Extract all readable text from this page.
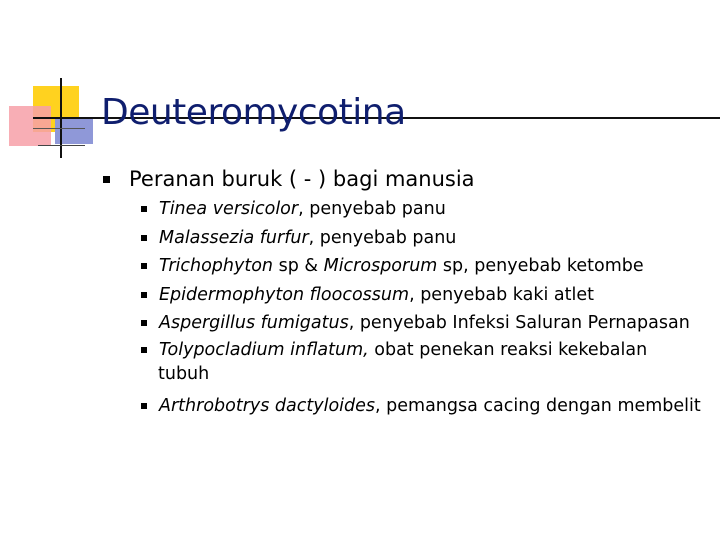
Deuteromycotina
Peranan buruk ( - ) bagi manusia
Tinea versicolor, penyebab panu
Malassezia furfur, penyebab panu
Trichophyton sp & Microsporum sp, penyebab ketombe
Epidermophyton floocossum, penyebab kaki atlet
Aspergillus fumigatus, penyebab Infeksi Saluran Pernapasan
Tolypocladium inflatum, obat penekan reaksi kekebalan
tubuh
Arthrobotrys dactyloides, pemangsa cacing dengan membelit
